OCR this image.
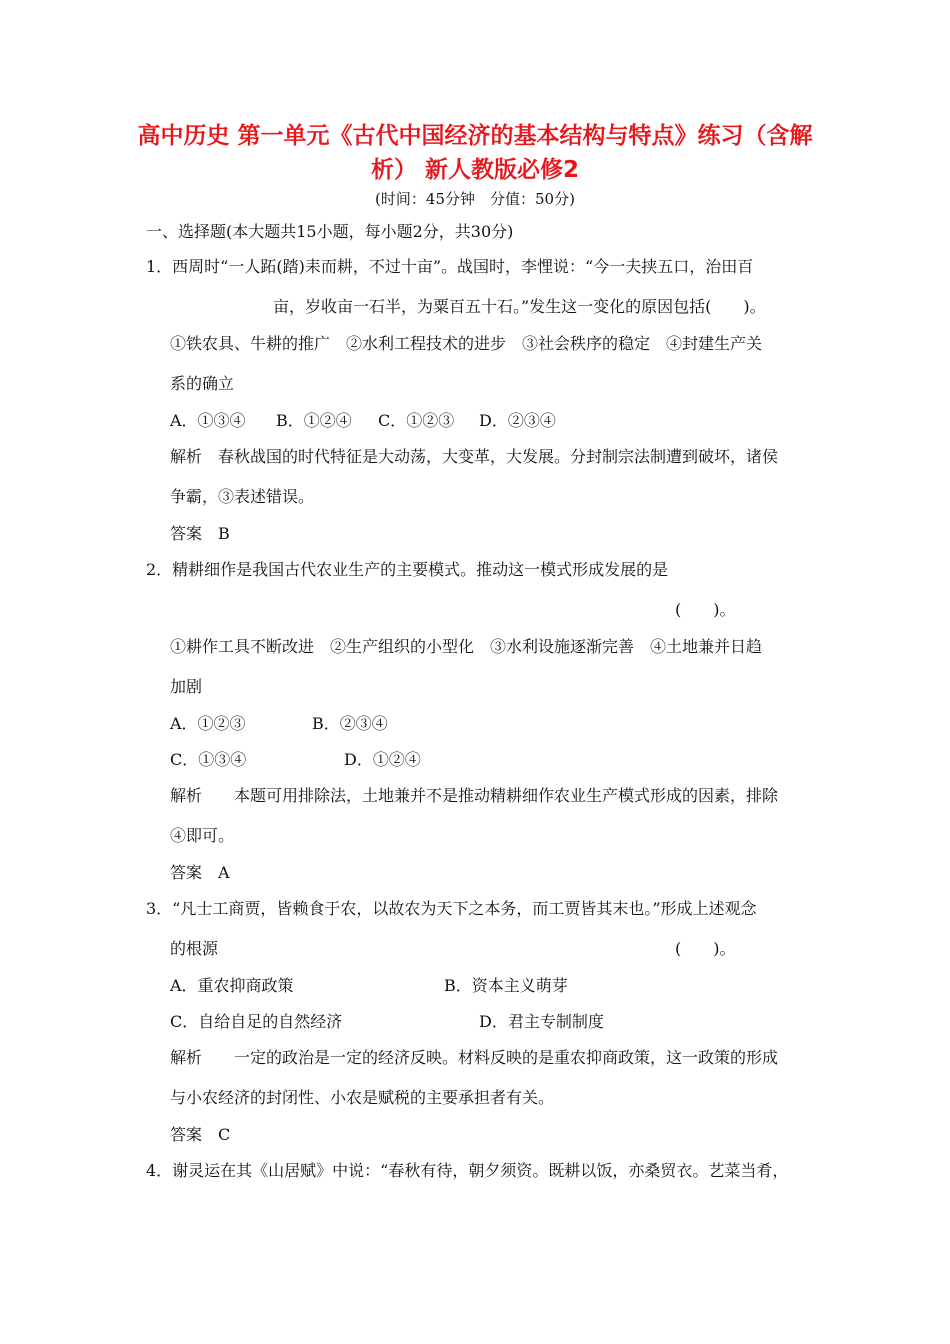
高中历史 第一单元《古代中国经济的基本结构与特点》练习（含解
析） 新人教版必修2
(时间：45分钟　分值：50分)
一、选择题(本大题共15小题，每小题2分，共30分)
1．西周时“一人跖(踏)耒而耕，不过十亩”。战国时，李悝说：“今一夫挟五口，治田百
亩，岁收亩一石半，为粟百五十石。”发生这一变化的原因包括(　　)。
①铁农具、牛耕的推广　②水利工程技术的进步　③社会秩序的稳定　④封建生产关
系的确立
A．①③④ B．①②④ C．①②③ D．②③④
解析　春秋战国的时代特征是大动荡，大变革，大发展。分封制宗法制遭到破坏，诸侯
争霸，③表述错误。
答案　B
2．精耕细作是我国古代农业生产的主要模式。推动这一模式形成发展的是
(　　)。
①耕作工具不断改进　②生产组织的小型化　③水利设施逐渐完善　④土地兼并日趋
加剧
A．①②③	B．②③④
C．①③④	D．①②④
解析　　本题可用排除法，土地兼并不是推动精耕细作农业生产模式形成的因素，排除
④即可。
答案　A
3．“凡士工商贾，皆赖食于农，以故农为天下之本务，而工贾皆其末也。”形成上述观念
的根源	(　　)。
A．重农抑商政策	B．资本主义萌芽
C．自给自足的自然经济	D．君主专制制度
解析　　一定的政治是一定的经济反映。材料反映的是重农抑商政策，这一政策的形成
与小农经济的封闭性、小农是赋税的主要承担者有关。
答案　C
4．谢灵运在其《山居赋》中说：“春秋有待，朝夕须资。既耕以饭，亦桑贸衣。艺菜当肴，
